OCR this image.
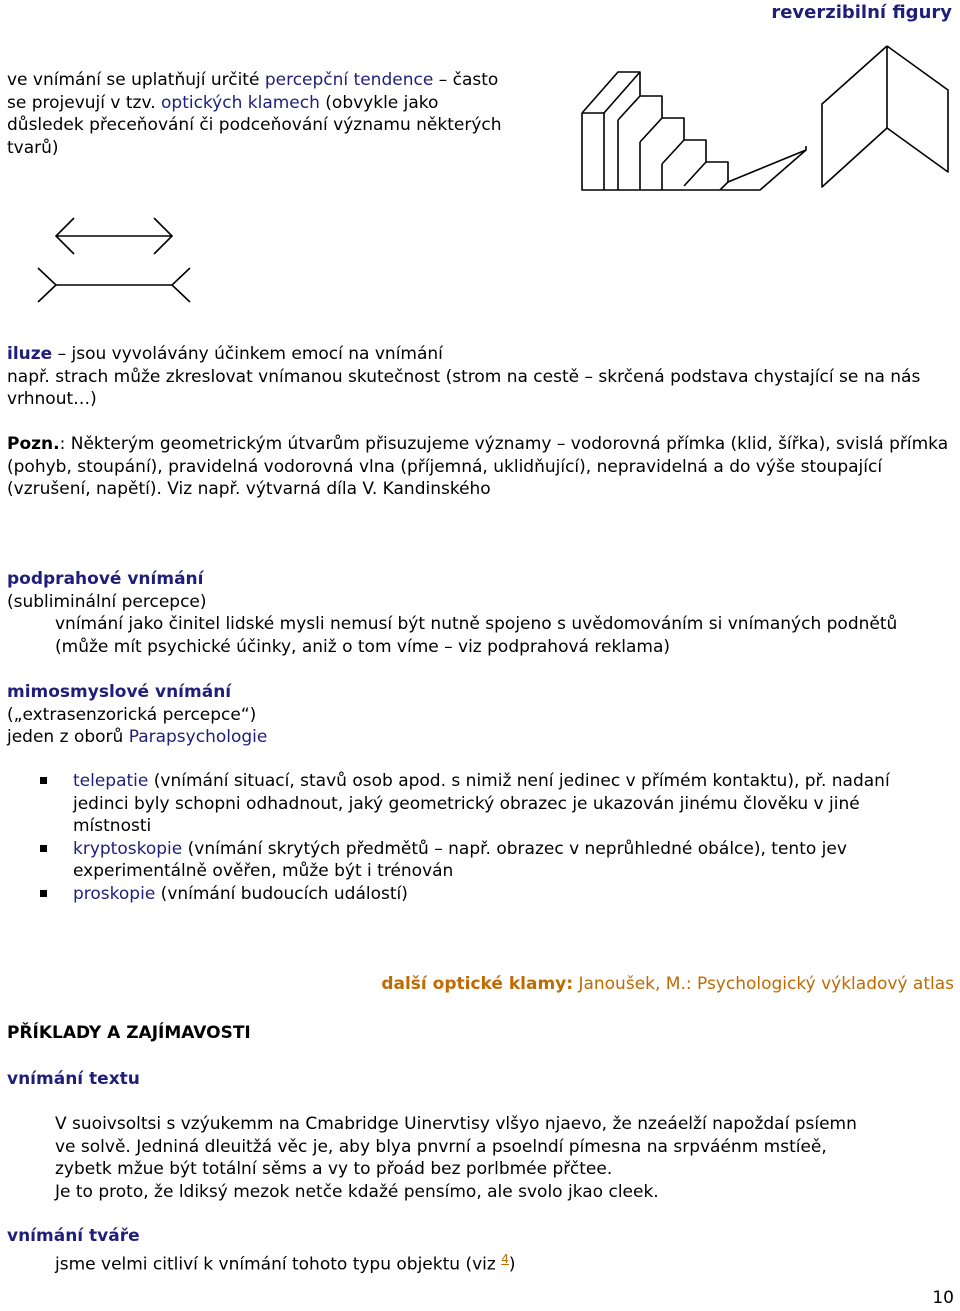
reverzibilní figury
ve vnímání se uplatňují určité percepční tendence – často
se projevují v tzv. optických klamech (obvykle jako
důsledek přeceňování či podceňování významu některých
tvarů)
iluze – jsou vyvolávány účinkem emocí na vnímání

např. strach může zkreslovat vnímanou skutečnost (strom na cestě – skrčená podstava chystající se na nás vrhnout…)

Pozn.: Některým geometrickým útvarům přisuzujeme významy – vodorovná přímka (klid, šířka), svislá přímka (pohyb, stoupání), pravidelná vodorovná vlna (příjemná, uklidňující), nepravidelná a do výše stoupající (vzrušení, napětí). Viz např. výtvarná díla V. Kandinského
podprahové vnímání
(subliminální percepce)
vnímání jako činitel lidské mysli nemusí být nutně spojeno s uvědomováním si vnímaných podnětů (může mít psychické účinky, aniž o tom víme – viz podprahová reklama)
mimosmyslové vnímání
(„extrasenzorická percepce“)
jeden z oborů Parapsychologie
telepatie (vnímání situací, stavů osob apod. s nimiž není jedinec v přímém kontaktu), př. nadaní jedinci byly schopni odhadnout, jaký geometrický obrazec je ukazován jinému člověku v jiné místnosti
kryptoskopie (vnímání skrytých předmětů – např. obrazec v neprůhledné obálce), tento jev experimentálně ověřen, může být i trénován
proskopie (vnímání budoucích událostí)
další optické klamy: Janoušek, M.: Psychologický výkladový atlas
PŘÍKLADY A ZAJÍMAVOSTI
vnímání textu
V suoivsoltsi s vzýukemm na Cmabridge Uinervtisy vlšyo njaevo, že nzeáelží napoždaí psíemn
ve solvě. Jedniná dleuitžá věc je, aby blya pnvrní a psoelndí pímesna na srpváénm mstíeě,
zybetk mžue být totální sěms a vy to přoád bez porlbmée přčtee.
Je to proto, že ldiksý mezok netče kdažé pensímo, ale svolo jkao cleek.
vnímání tváře
jsme velmi citliví k vnímání tohoto typu objektu (viz $^4$)
10
